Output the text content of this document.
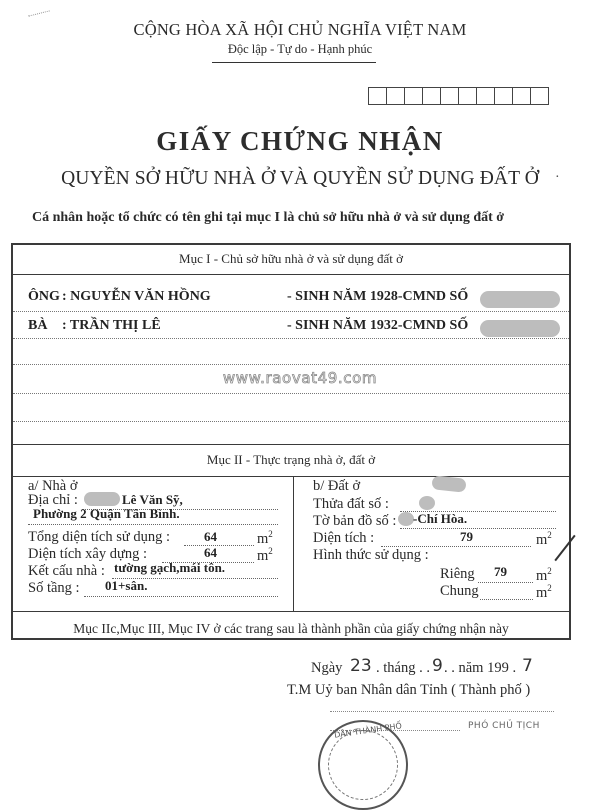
CỘNG HÒA XÃ HỘI CHỦ NGHĨA VIỆT NAM
Độc lập - Tự do - Hạnh phúc
GIẤY CHỨNG NHẬN
QUYỀN SỞ HỮU NHÀ Ở VÀ QUYỀN SỬ DỤNG ĐẤT Ở	·
Cá nhân hoặc tổ chức có tên ghi tại mục I là chủ sở hữu nhà ở và sử dụng đất ở
Mục I - Chủ sở hữu nhà ở và sử dụng đất ở
ÔNG : NGUYỄN VĂN HỒNG	- SINH NĂM 1928-CMND SỐ
BÀ : TRẦN THỊ LÊ	- SINH NĂM 1932-CMND SỐ
www.raovat49.com
Mục II - Thực trạng nhà ở, đất ở
a/ Nhà ở
Địa chỉ :	Lê Văn Sỹ,
Phường 2 Quận Tân Bình.
Tổng diện tích sử dụng :	64	$m^2$
Diện tích xây dựng :	64	$m^2$
Kết cấu nhà : tường gạch,mái tôn.
Số tầng : 01+sân.
b/ Đất ở
Thửa đất số :
Tờ bản đồ số : -Chí Hòa.
Diện tích :	79	$m^2$
Hình thức sử dụng :
Riêng 79 $m^2$
Chung	$m^2$
Mục IIc,Mục III, Mục IV ở các trang sau là thành phần của giấy chứng nhận này
Ngày 23 . tháng . . 9 . . năm 199 . 7
T.M Uỷ ban Nhân dân Tỉnh ( Thành phố )
PHÓ CHỦ TỊCH
DÂN THÀNH PHỐ
